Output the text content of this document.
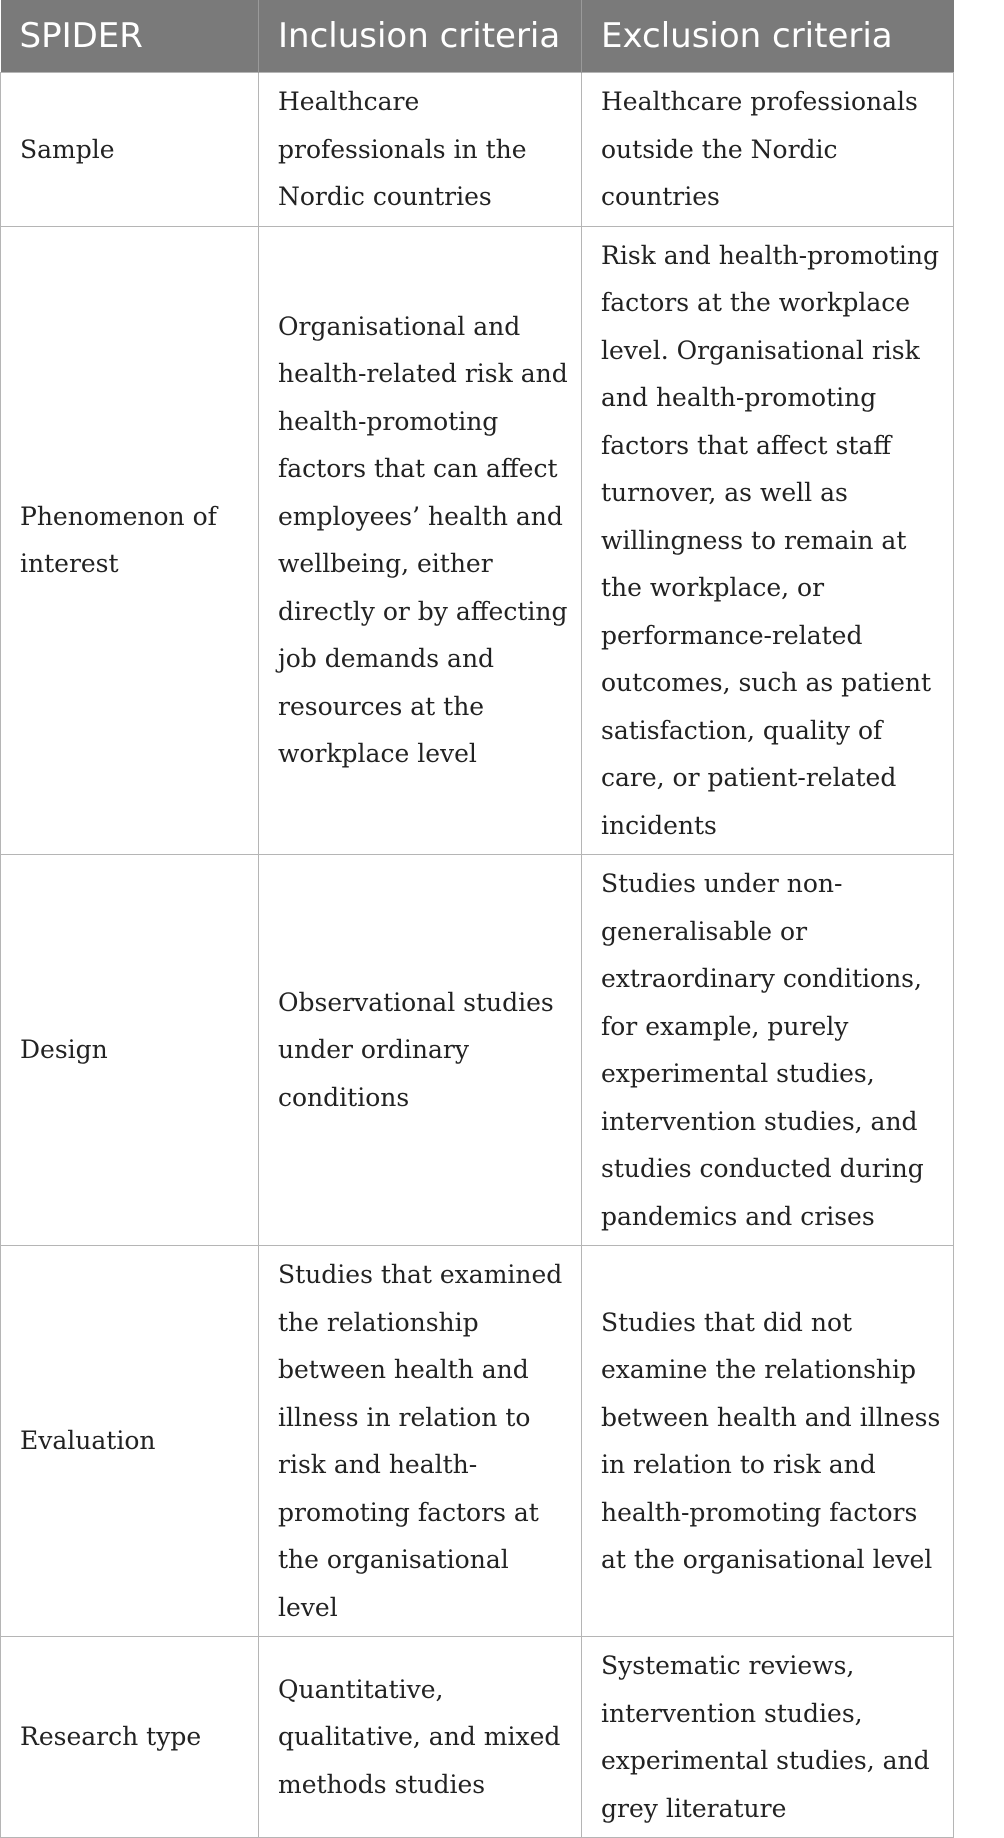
SPIDER	Inclusion criteria	Exclusion criteria
Sample	Healthcare professionals in the Nordic countries	Healthcare professionals outside the Nordic countries
Phenomenon of interest	Organisational and health-related risk and health-promoting factors that can affect employees’ health and wellbeing, either directly or by affecting job demands and resources at the workplace level	Risk and health-promoting factors at the workplace level. Organisational risk and health-promoting factors that affect staff turnover, as well as willingness to remain at the workplace, or performance-related outcomes, such as patient satisfaction, quality of care, or patient-related incidents
Design	Observational studies under ordinary conditions	Studies under non-generalisable or extraordinary conditions, for example, purely experimental studies, intervention studies, and studies conducted during pandemics and crises
Evaluation	Studies that examined the relationship between health and illness in relation to risk and health-promoting factors at the organisational level	Studies that did not examine the relationship between health and illness in relation to risk and health-promoting factors at the organisational level
Research type	Quantitative, qualitative, and mixed methods studies	Systematic reviews, intervention studies, experimental studies, and grey literature
